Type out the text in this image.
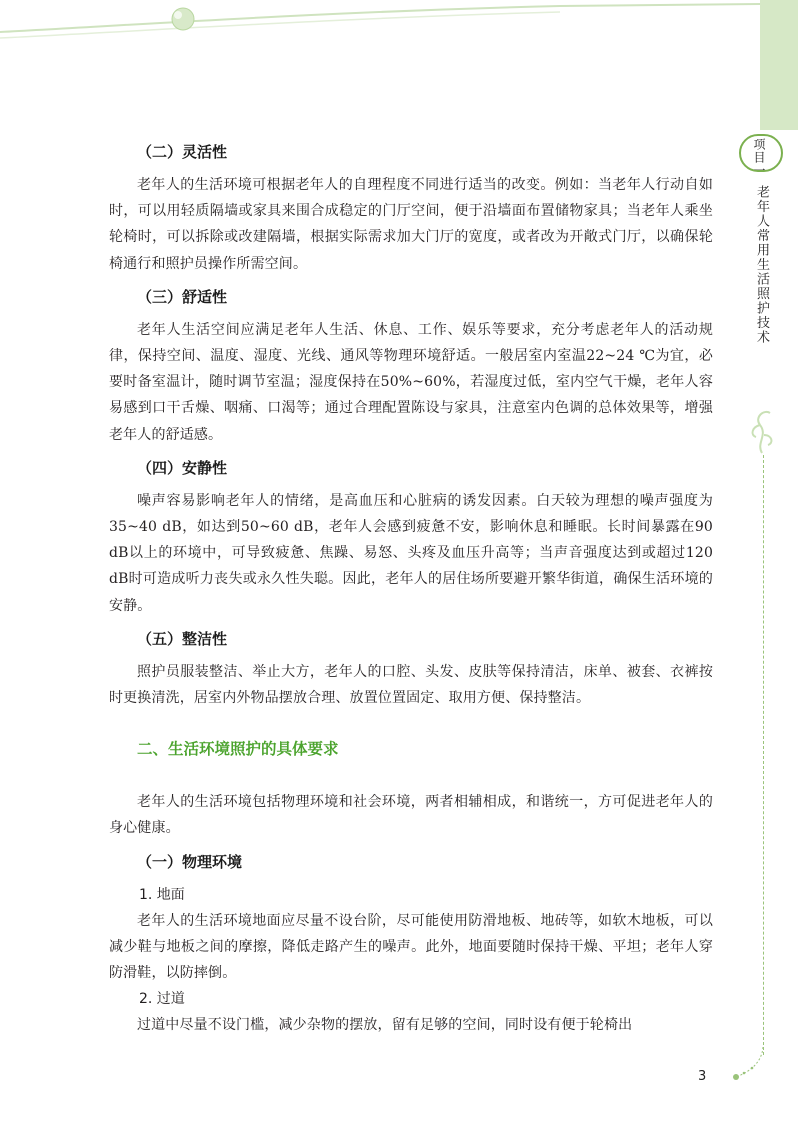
项目一
老年人常用生活照护技术
3
（二）灵活性

老年人的生活环境可根据老年人的自理程度不同进行适当的改变。例如：当老年人行动自如时，可以用轻质隔墙或家具来围合成稳定的门厅空间，便于沿墙面布置储物家具；当老年人乘坐轮椅时，可以拆除或改建隔墙，根据实际需求加大门厅的宽度，或者改为开敞式门厅，以确保轮椅通行和照护员操作所需空间。

（三）舒适性

老年人生活空间应满足老年人生活、休息、工作、娱乐等要求，充分考虑老年人的活动规律，保持空间、温度、湿度、光线、通风等物理环境舒适。一般居室内室温22~24 ℃为宜，必要时备室温计，随时调节室温；湿度保持在50%~60%，若湿度过低，室内空气干燥，老年人容易感到口干舌燥、咽痛、口渴等；通过合理配置陈设与家具，注意室内色调的总体效果等，增强老年人的舒适感。

（四）安静性

噪声容易影响老年人的情绪，是高血压和心脏病的诱发因素。白天较为理想的噪声强度为35~40 dB，如达到50~60 dB，老年人会感到疲惫不安，影响休息和睡眠。长时间暴露在90 dB以上的环境中，可导致疲惫、焦躁、易怒、头疼及血压升高等；当声音强度达到或超过120 dB时可造成听力丧失或永久性失聪。因此，老年人的居住场所要避开繁华街道，确保生活环境的安静。

（五）整洁性

照护员服装整洁、举止大方，老年人的口腔、头发、皮肤等保持清洁，床单、被套、衣裤按时更换清洗，居室内外物品摆放合理、放置位置固定、取用方便、保持整洁。

二、生活环境照护的具体要求

老年人的生活环境包括物理环境和社会环境，两者相辅相成，和谐统一，方可促进老年人的身心健康。

（一）物理环境
1. 地面

老年人的生活环境地面应尽量不设台阶，尽可能使用防滑地板、地砖等，如软木地板，可以减少鞋与地板之间的摩擦，降低走路产生的噪声。此外，地面要随时保持干燥、平坦；老年人穿防滑鞋，以防摔倒。

2. 过道

过道中尽量不设门槛，减少杂物的摆放，留有足够的空间，同时设有便于轮椅出
